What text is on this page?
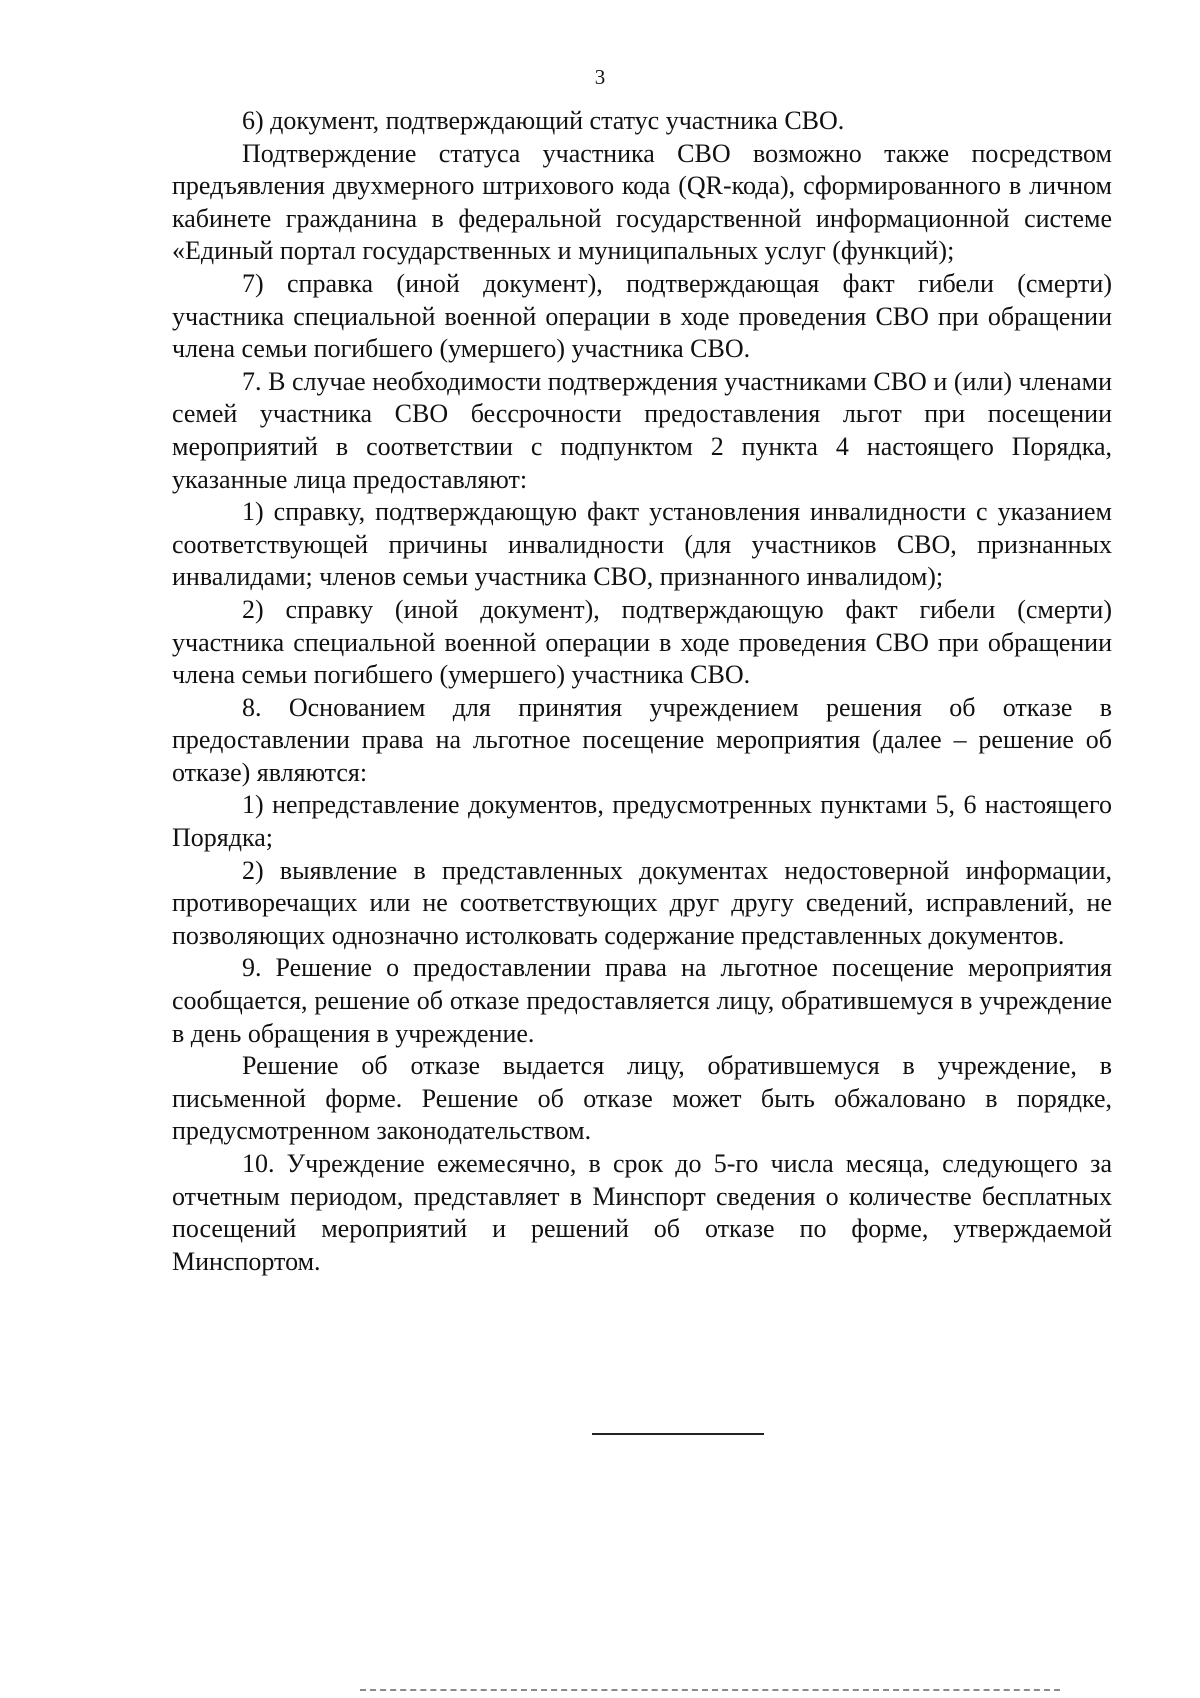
3

6) документ, подтверждающий статус участника СВО.

Подтверждение статуса участника СВО возможно также посредством предъявления двухмерного штрихового кода (QR-кода), сформированного в личном кабинете гражданина в федеральной государственной информационной системе «Единый портал государственных и муниципальных услуг (функций);

7) справка (иной документ), подтверждающая факт гибели (смерти) участника специальной военной операции в ходе проведения СВО при обращении члена семьи погибшего (умершего) участника СВО.

7. В случае необходимости подтверждения участниками СВО и (или) членами семей участника СВО бессрочности предоставления льгот при посещении мероприятий в соответствии с подпунктом 2 пункта 4 настоящего Порядка, указанные лица предоставляют:

1) справку, подтверждающую факт установления инвалидности с указанием соответствующей причины инвалидности (для участников СВО, признанных инвалидами; членов семьи участника СВО, признанного инвалидом);

2) справку (иной документ), подтверждающую факт гибели (смерти) участника специальной военной операции в ходе проведения СВО при обращении члена семьи погибшего (умершего) участника СВО.

8. Основанием для принятия учреждением решения об отказе в предоставлении права на льготное посещение мероприятия (далее – решение об отказе) являются:

1) непредставление документов, предусмотренных пунктами 5, 6 настоящего Порядка;

2) выявление в представленных документах недостоверной информации, противоречащих или не соответствующих друг другу сведений, исправлений, не позволяющих однозначно истолковать содержание представленных документов.

9. Решение о предоставлении права на льготное посещение мероприятия сообщается, решение об отказе предоставляется лицу, обратившемуся в учреждение в день обращения в учреждение.

Решение об отказе выдается лицу, обратившемуся в учреждение, в письменной форме. Решение об отказе может быть обжаловано в порядке, предусмотренном законодательством.

10. Учреждение ежемесячно, в срок до 5-го числа месяца, следующего за отчетным периодом, представляет в Минспорт сведения о количестве бесплатных посещений мероприятий и решений об отказе по форме, утверждаемой Минспортом.
